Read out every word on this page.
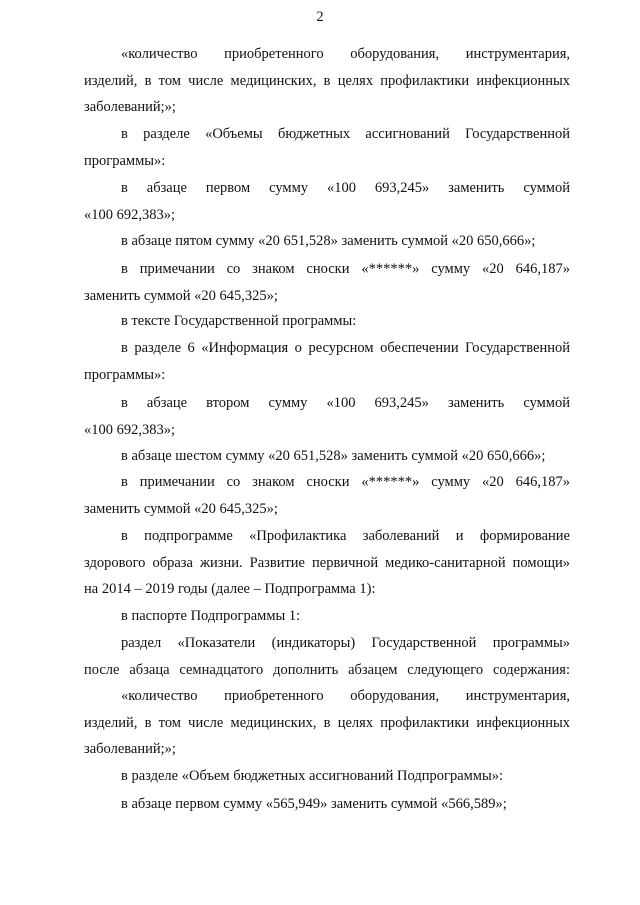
2
«количество приобретенного оборудования, инструментария,
изделий, в том числе медицинских, в целях профилактики инфекционных
заболеваний;»;
в разделе «Объемы бюджетных ассигнований Государственной
программы»:
в абзаце первом сумму «100 693,245» заменить суммой
«100 692,383»;
в абзаце пятом сумму «20 651,528» заменить суммой «20 650,666»;
в примечании со знаком сноски «******» сумму «20 646,187»
заменить суммой «20 645,325»;
в тексте Государственной программы:
в разделе 6 «Информация о ресурсном обеспечении Государственной
программы»:
в абзаце втором сумму «100 693,245» заменить суммой
«100 692,383»;
в абзаце шестом сумму «20 651,528» заменить суммой «20 650,666»;
в примечании со знаком сноски «******» сумму «20 646,187»
заменить суммой «20 645,325»;
в подпрограмме «Профилактика заболеваний и формирование
здорового образа жизни. Развитие первичной медико-санитарной помощи»
на 2014 – 2019 годы (далее – Подпрограмма 1):
в паспорте Подпрограммы 1:
раздел «Показатели (индикаторы) Государственной программы»
после абзаца семнадцатого дополнить абзацем следующего содержания:
«количество приобретенного оборудования, инструментария,
изделий, в том числе медицинских, в целях профилактики инфекционных
заболеваний;»;
в разделе «Объем бюджетных ассигнований Подпрограммы»:
в абзаце первом сумму «565,949» заменить суммой «566,589»;
